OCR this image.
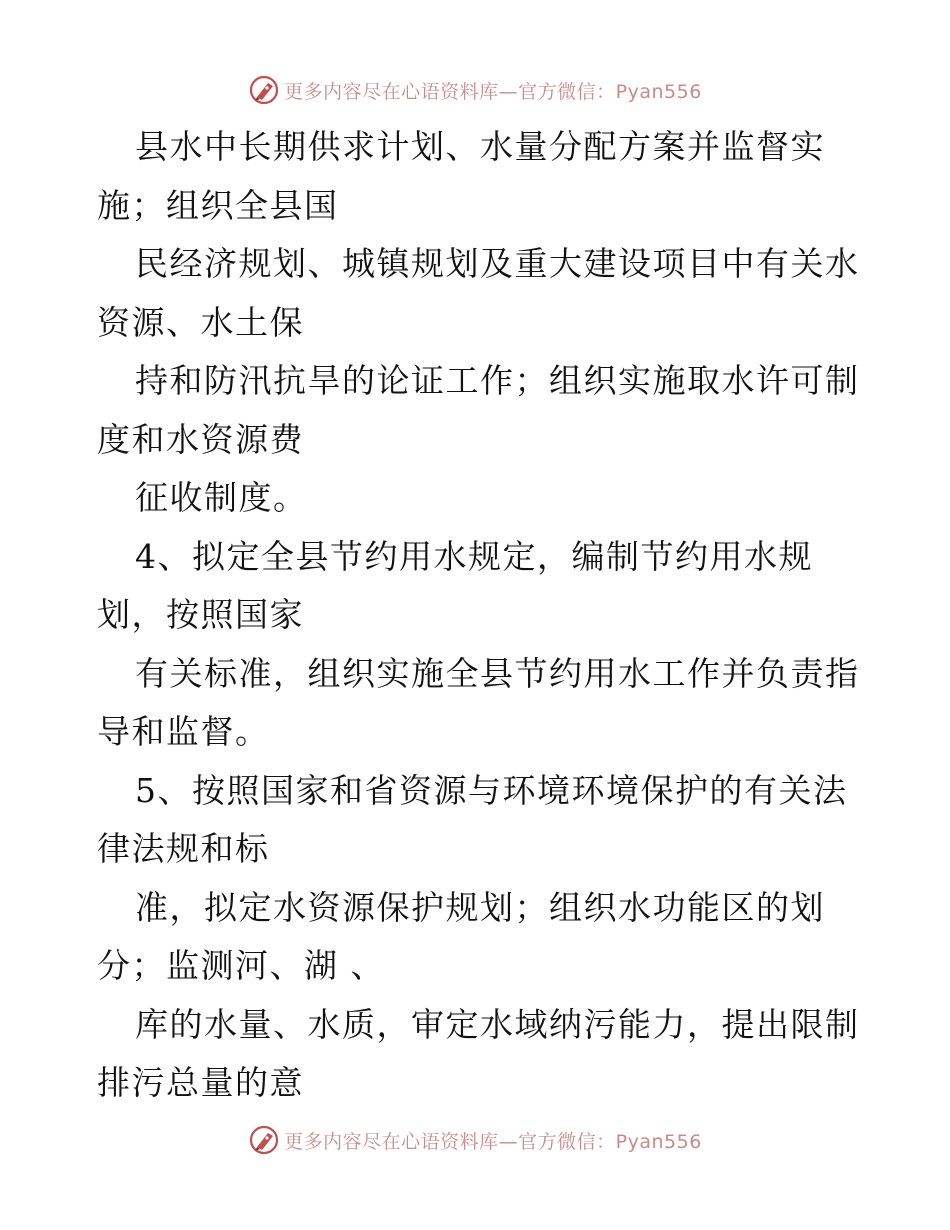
更多内容尽在心语资料库—官方微信：Pyan556
县水中长期供求计划、水量分配方案并监督实
施；组织全县国
民经济规划、城镇规划及重大建设项目中有关水
资源、水土保
持和防汛抗旱的论证工作；组织实施取水许可制
度和水资源费
征收制度。
4、拟定全县节约用水规定，编制节约用水规
划，按照国家
有关标准，组织实施全县节约用水工作并负责指
导和监督。
5、按照国家和省资源与环境环境保护的有关法
律法规和标
准，拟定水资源保护规划；组织水功能区的划
分；监测河、湖 、
库的水量、水质，审定水域纳污能力，提出限制
排污总量的意
更多内容尽在心语资料库—官方微信：Pyan556
